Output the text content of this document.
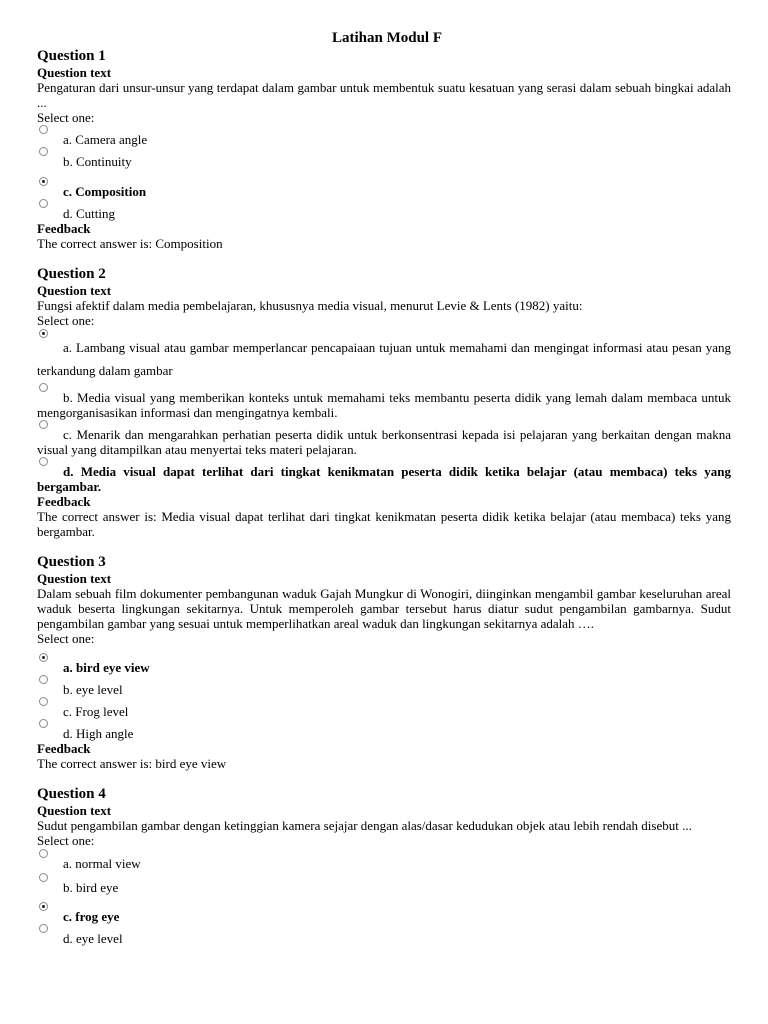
Latihan Modul F
Question 1
Question text
Pengaturan dari unsur-unsur yang terdapat dalam gambar untuk membentuk suatu kesatuan yang serasi dalam sebuah bingkai adalah ...
Select one:
a. Camera angle
b. Continuity
c. Composition
d. Cutting
Feedback
The correct answer is: Composition
Question 2
Question text
Fungsi afektif dalam media pembelajaran, khususnya media visual, menurut Levie & Lents (1982) yaitu:
Select one:
a. Lambang visual atau gambar memperlancar pencapaiaan tujuan untuk memahami dan mengingat informasi atau pesan yang terkandung dalam gambar
b. Media visual yang memberikan konteks untuk memahami teks membantu peserta didik yang lemah dalam membaca untuk mengorganisasikan informasi dan mengingatnya kembali.
c. Menarik dan mengarahkan perhatian peserta didik untuk berkonsentrasi kepada isi pelajaran yang berkaitan dengan makna visual yang ditampilkan atau menyertai teks materi pelajaran.
d. Media visual dapat terlihat dari tingkat kenikmatan peserta didik ketika belajar (atau membaca) teks yang bergambar.
Feedback
The correct answer is: Media visual dapat terlihat dari tingkat kenikmatan peserta didik ketika belajar (atau membaca) teks yang bergambar.
Question 3
Question text
Dalam sebuah film dokumenter pembangunan waduk Gajah Mungkur di Wonogiri, diinginkan mengambil gambar keseluruhan areal waduk beserta lingkungan sekitarnya. Untuk memperoleh gambar tersebut harus diatur sudut pengambilan gambarnya. Sudut pengambilan gambar yang sesuai untuk memperlihatkan areal waduk dan lingkungan sekitarnya adalah ….
Select one:
a. bird eye view
b. eye level
c. Frog level
d. High angle
Feedback
The correct answer is: bird eye view
Question 4
Question text
Sudut pengambilan gambar dengan ketinggian kamera sejajar dengan alas/dasar kedudukan objek atau lebih rendah disebut ...
Select one:
a. normal view
b. bird eye
c. frog eye
d. eye level
